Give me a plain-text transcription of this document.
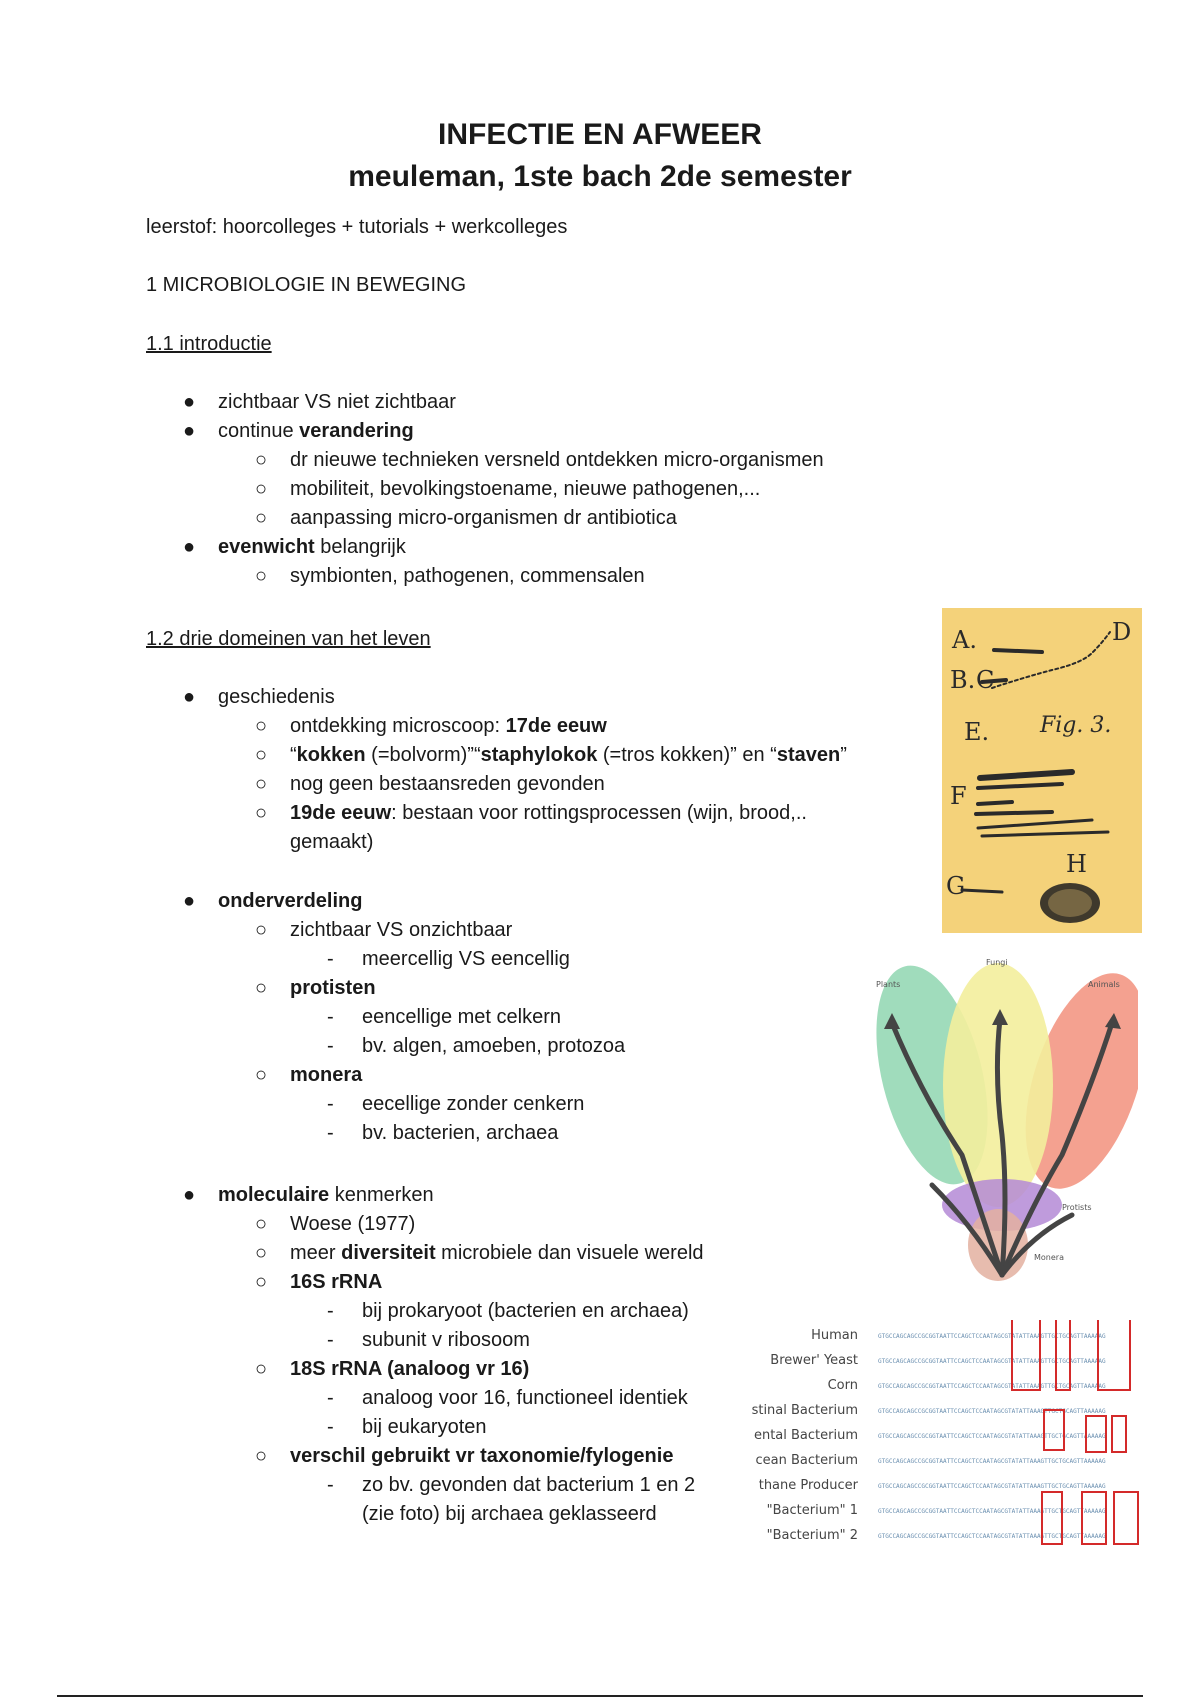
INFECTIE EN AFWEER
meuleman, 1ste bach 2de semester
leerstof: hoorcolleges + tutorials + werkcolleges
1 MICROBIOLOGIE IN BEWEGING
1.1 introductie
● zichtbaar VS niet zichtbaar
● continue verandering
○ dr nieuwe technieken versneld ontdekken micro-organismen
○ mobiliteit, bevolkingstoename, nieuwe pathogenen,...
○ aanpassing micro-organismen dr antibiotica
● evenwicht belangrijk
○ symbionten, pathogenen, commensalen
1.2 drie domeinen van het leven
● geschiedenis
○ ontdekking microscoop: 17de eeuw
○ “kokken (=bolvorm)”“staphylokok (=tros kokken)” en “staven”
○ nog geen bestaansreden gevonden
○ 19de eeuw: bestaan voor rottingsprocessen (wijn, brood,..
gemaakt)
● onderverdeling
○ zichtbaar VS onzichtbaar
- meercellig VS eencellig
○ protisten
- eencellige met celkern
- bv. algen, amoeben, protozoa
○ monera
- eecellige zonder cenkern
- bv. bacterien, archaea
● moleculaire kenmerken
○ Woese (1977)
○ meer diversiteit microbiele dan visuele wereld
○ 16S rRNA
- bij prokaryoot (bacterien en archaea)
- subunit v ribosoom
○ 18S rRNA (analoog vr 16)
- analoog voor 16, functioneel identiek
- bij eukaryoten
○ verschil gebruikt vr taxonomie/fylogenie
- zo bv. gevonden dat bacterium 1 en 2
(zie foto) bij archaea geklasseerd
A.
B. C
D
E.
F
G
H
Fig. 3.
Plants
Fungi
Animals
Protists
Monera
Human
Brewer' Yeast
Corn
stinal Bacterium
ental Bacterium
cean Bacterium
thane Producer
"Bacterium" 1
"Bacterium" 2
GTGCCAGCAGCCGCGGTAATTCCAGCTCCAATAGCGTATATTAAAGTTGCTGCAGTTAAAAAG
GTGCCAGCAGCCGCGGTAATTCCAGCTCCAATAGCGTATATTAAAGTTGCTGCAGTTAAAAAG
GTGCCAGCAGCCGCGGTAATTCCAGCTCCAATAGCGTATATTAAAGTTGCTGCAGTTAAAAAG
GTGCCAGCAGCCGCGGTAATTCCAGCTCCAATAGCGTATATTAAAGTTGCTGCAGTTAAAAAG
GTGCCAGCAGCCGCGGTAATTCCAGCTCCAATAGCGTATATTAAAGTTGCTGCAGTTAAAAAG
GTGCCAGCAGCCGCGGTAATTCCAGCTCCAATAGCGTATATTAAAGTTGCTGCAGTTAAAAAG
GTGCCAGCAGCCGCGGTAATTCCAGCTCCAATAGCGTATATTAAAGTTGCTGCAGTTAAAAAG
GTGCCAGCAGCCGCGGTAATTCCAGCTCCAATAGCGTATATTAAAGTTGCTGCAGTTAAAAAG
GTGCCAGCAGCCGCGGTAATTCCAGCTCCAATAGCGTATATTAAAGTTGCTGCAGTTAAAAAG
